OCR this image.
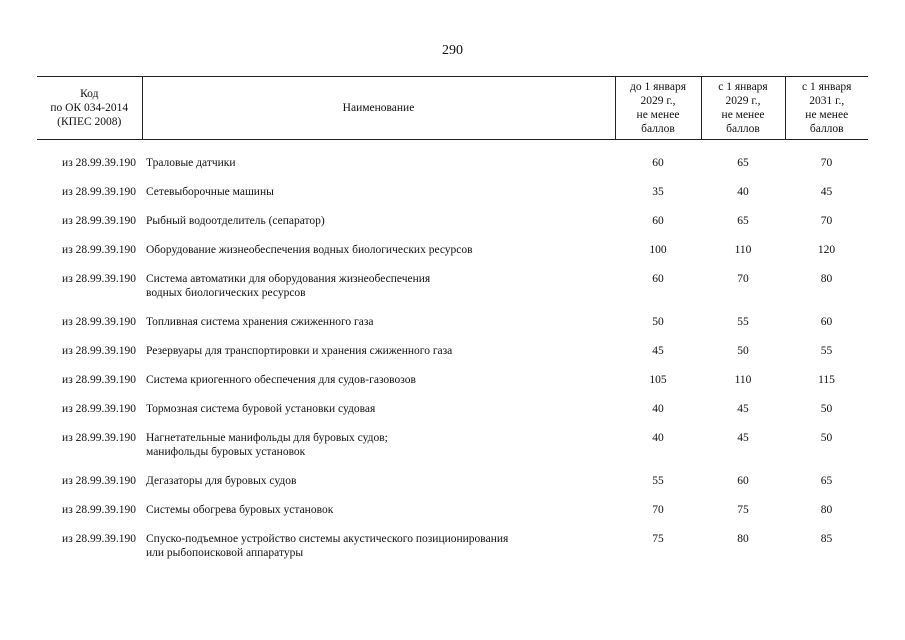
290
Код
по ОК 034-2014
(КПЕС 2008)	Наименование	до 1 января
2029 г.,
не менее
баллов	с 1 января
2029 г.,
не менее
баллов	с 1 января
2031 г.,
не менее
баллов

из 28.99.39.190	Траловые датчики	60	65	70
из 28.99.39.190	Сетевыборочные машины	35	40	45
из 28.99.39.190	Рыбный водоотделитель (сепаратор)	60	65	70
из 28.99.39.190	Оборудование жизнеобеспечения водных биологических ресурсов	100	110	120
из 28.99.39.190	Система автоматики для оборудования жизнеобеспечения
водных биологических ресурсов	60	70	80
из 28.99.39.190	Топливная система хранения сжиженного газа	50	55	60
из 28.99.39.190	Резервуары для транспортировки и хранения сжиженного газа	45	50	55
из 28.99.39.190	Система криогенного обеспечения для судов-газовозов	105	110	115
из 28.99.39.190	Тормозная система буровой установки судовая	40	45	50
из 28.99.39.190	Нагнетательные манифольды для буровых судов;
манифольды буровых установок	40	45	50
из 28.99.39.190	Дегазаторы для буровых судов	55	60	65
из 28.99.39.190	Системы обогрева буровых установок	70	75	80
из 28.99.39.190	Спуско-подъемное устройство системы акустического позиционирования
или рыбопоисковой аппаратуры	75	80	85
